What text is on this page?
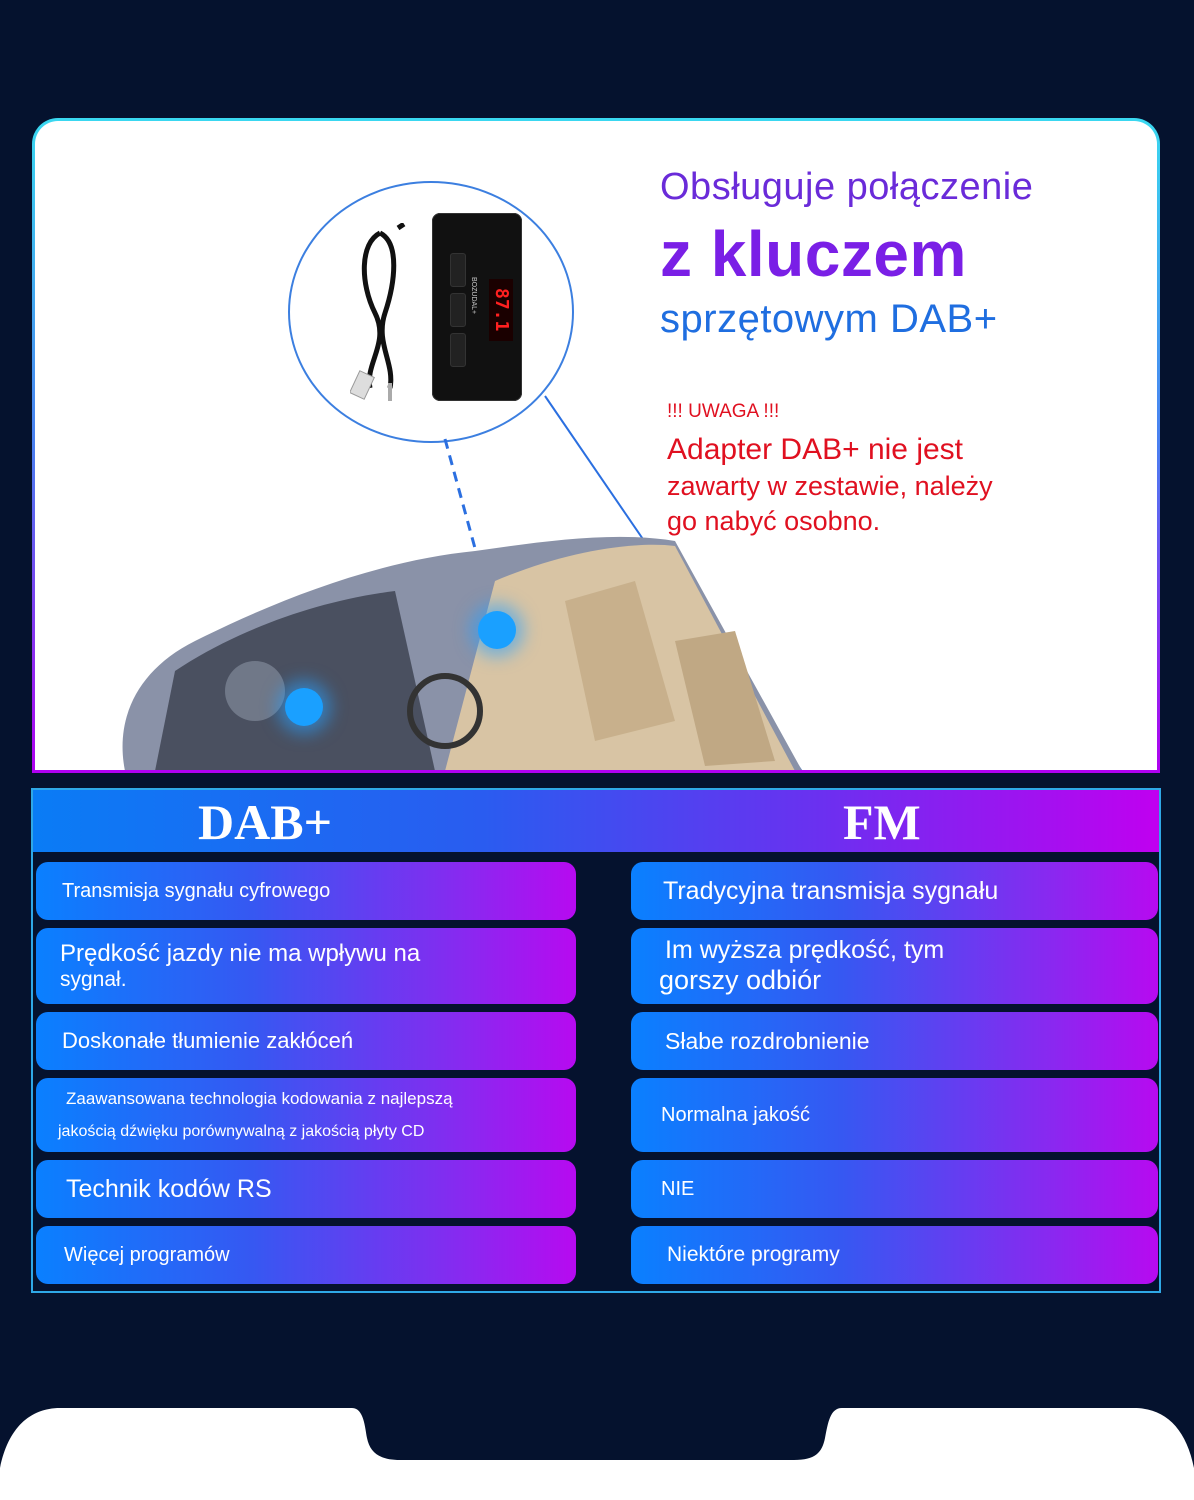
BOZUDAL+ 87.1
Obsługuje połączenie
z kluczem
sprzętowym DAB+
!!! UWAGA !!!
Adapter DAB+ nie jest
zawarty w zestawie, należy
go nabyć osobno.
DAB+	FM
Transmisja sygnału cyfrowego
Prędkość jazdy nie ma wpływu na
sygnał.
Doskonałe tłumienie zakłóceń
Zaawansowana technologia kodowania z najlepszą
jakością dźwięku porównywalną z jakością płyty CD
Technik kodów RS
Więcej programów
Tradycyjna transmisja sygnału
Im wyższa prędkość, tym
gorszy odbiór
Słabe rozdrobnienie
Normalna jakość
NIE
Niektóre programy
